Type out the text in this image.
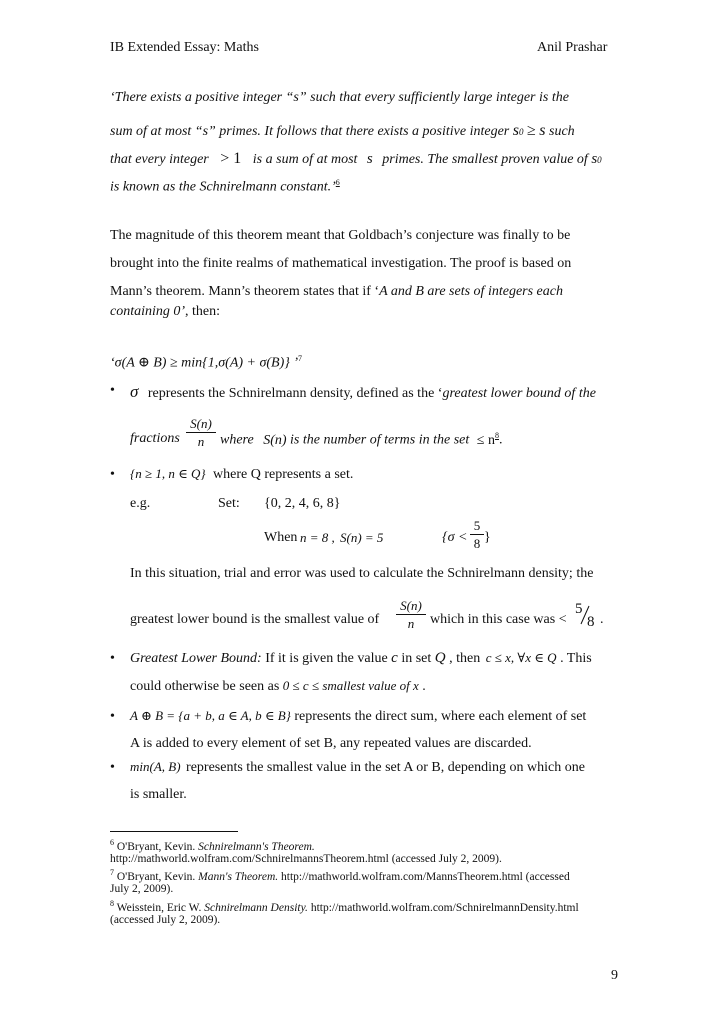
IB Extended Essay: Maths	Anil Prashar
‘There exists a positive integer “s” such that every sufficiently large integer is the
sum of at most “s” primes. It follows that there exists a positive integer s0 ≥ s such
that every integer > 1 is a sum of at most s primes. The smallest proven value of s0
is known as the Schnirelmann constant.’$^6$
The magnitude of this theorem meant that Goldbach’s conjecture was finally to be
brought into the finite realms of mathematical investigation. The proof is based on
Mann’s theorem. Mann’s theorem states that if ‘A and B are sets of integers each
containing 0’, then:
‘σ(A ⊕ B) ≥ min{1,σ(A) + σ(B)} ’$^7$
• σ represents the Schnirelmann density, defined as the ‘greatest lower bound of the
fractions
S(n)
n	where S(n) is the number of terms in the set ≤ $n^8$.
• {n ≥ 1, n ∈ Q} where Q represents a set.
e.g.	Set: {0, 2, 4, 6, 8}
When n = 8 , S(n) = 5	{σ <
5
8 }
In this situation, trial and error was used to calculate the Schnirelmann density; the
greatest lower bound is the smallest value of
S(n)
n	which in this case was <
5
8 .
• Greatest Lower Bound: If it is given the value c in set Q , then c ≤ x, ∀x ∈ Q . This
could otherwise be seen as 0 ≤ c ≤ smallest value of x .
• A ⊕ B = {a + b, a ∈ A, b ∈ B} represents the direct sum, where each element of set
A is added to every element of set B, any repeated values are discarded.
• min(A, B) represents the smallest value in the set A or B, depending on which one
is smaller.
$^6$ O'Bryant, Kevin. Schnirelmann's Theorem.
http://mathworld.wolfram.com/SchnirelmannsTheorem.html (accessed July 2, 2009).
$^7$ O'Bryant, Kevin. Mann's Theorem. http://mathworld.wolfram.com/MannsTheorem.html (accessed
July 2, 2009).
$^8$ Weisstein, Eric W. Schnirelmann Density. http://mathworld.wolfram.com/SchnirelmannDensity.html
(accessed July 2, 2009).
9
